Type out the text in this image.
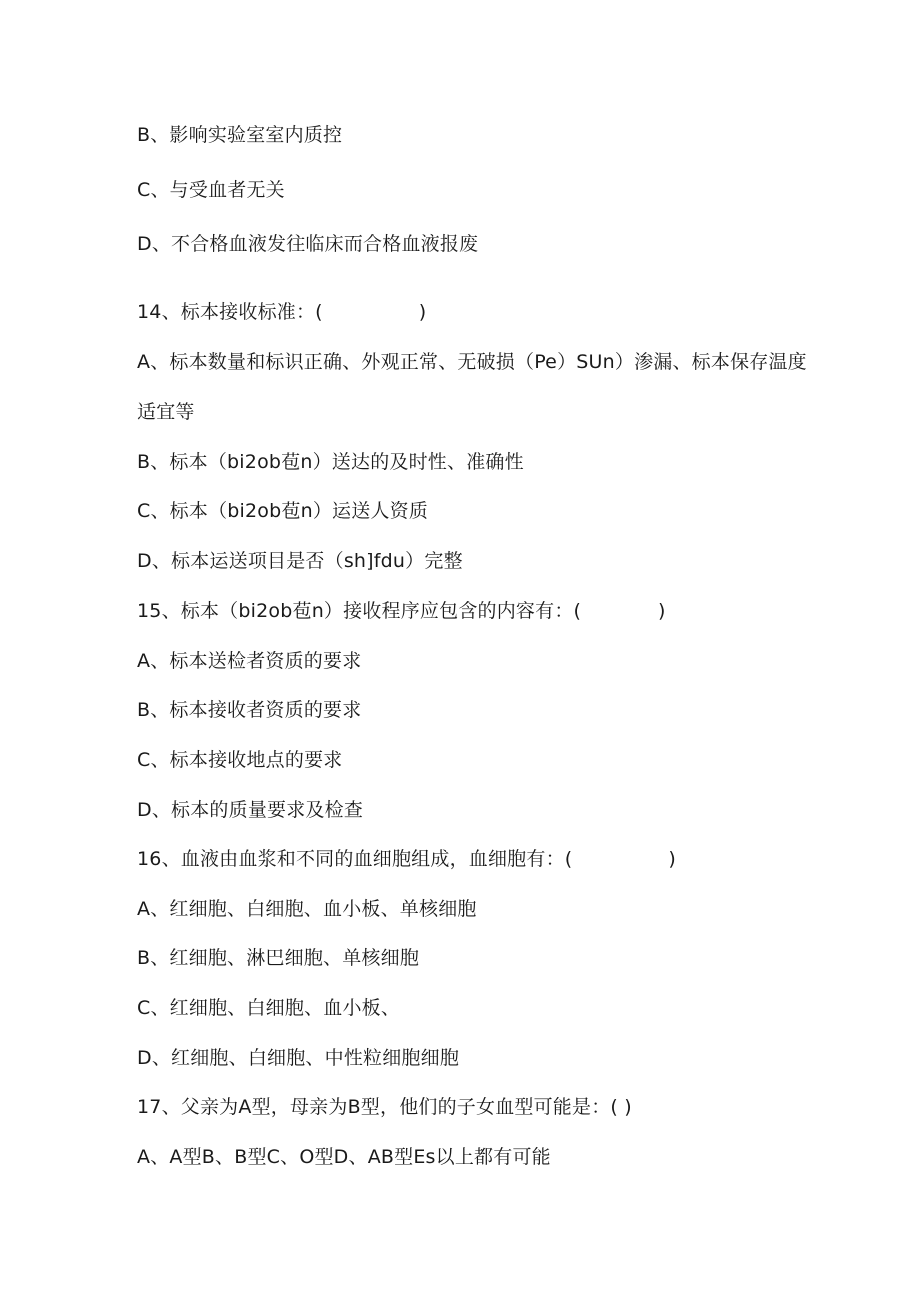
B、影响实验室室内质控
C、与受血者无关
D、不合格血液发往临床而合格血液报废
14、标本接收标准：(　　　　　)
A、标本数量和标识正确、外观正常、无破损（Pe）SUn）渗漏、标本保存温度
适宜等
B、标本（bi2ob苞n）送达的及时性、准确性
C、标本（bi2ob苞n）运送人资质
D、标本运送项目是否（sh]fdu）完整
15、标本（bi2ob苞n）接收程序应包含的内容有：(　　　　)
A、标本送检者资质的要求
B、标本接收者资质的要求
C、标本接收地点的要求
D、标本的质量要求及检查
16、血液由血浆和不同的血细胞组成，血细胞有：(　　　　　)
A、红细胞、白细胞、血小板、单核细胞
B、红细胞、淋巴细胞、单核细胞
C、红细胞、白细胞、血小板、
D、红细胞、白细胞、中性粒细胞细胞
17、父亲为A型，母亲为B型，他们的子女血型可能是：( )
A、A型B、B型C、O型D、AB型Es以上都有可能
